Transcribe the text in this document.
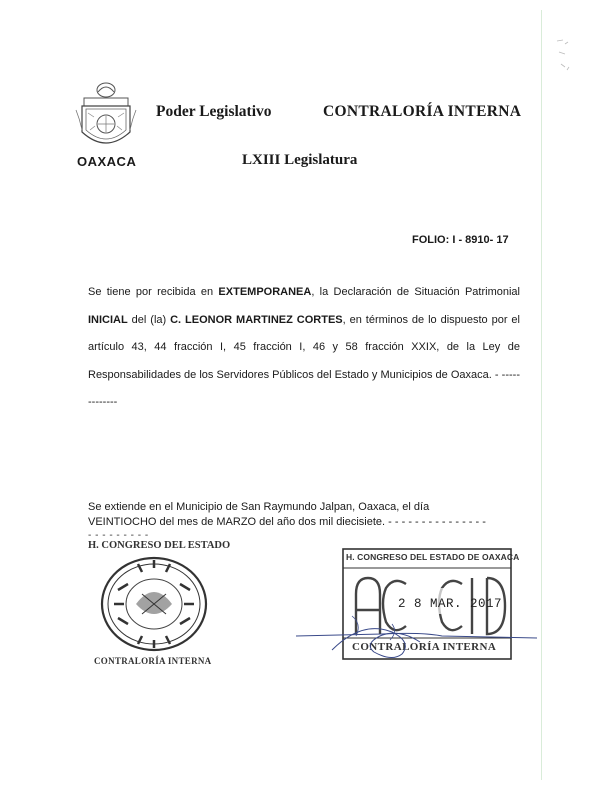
OAXACA
Poder Legislativo	CONTRALORÍA INTERNA
LXIII Legislatura
FOLIO: I - 8910- 17
Se tiene por recibida en EXTEMPORANEA, la Declaración de Situación Patrimonial INICIAL del (la) C. LEONOR MARTINEZ CORTES, en términos de lo dispuesto por el artículo 43, 44 fracción I, 45 fracción I, 46 y 58 fracción XXIX, de la Ley de Responsabilidades de los Servidores Públicos del Estado y Municipios de Oaxaca. - -------------
Se extiende en el Municipio de San Raymundo Jalpan, Oaxaca, el día
VEINTIOCHO del mes de MARZO del año dos mil diecisiete. - - - - - - - - - - - - - - -
- - - - - - - - -
H. CONGRESO DEL ESTADO
CONTRALORÍA INTERNA
H. CONGRESO DEL ESTADO DE OAXACA
2 8 MAR. 2017
CONTRALORÍA INTERNA
